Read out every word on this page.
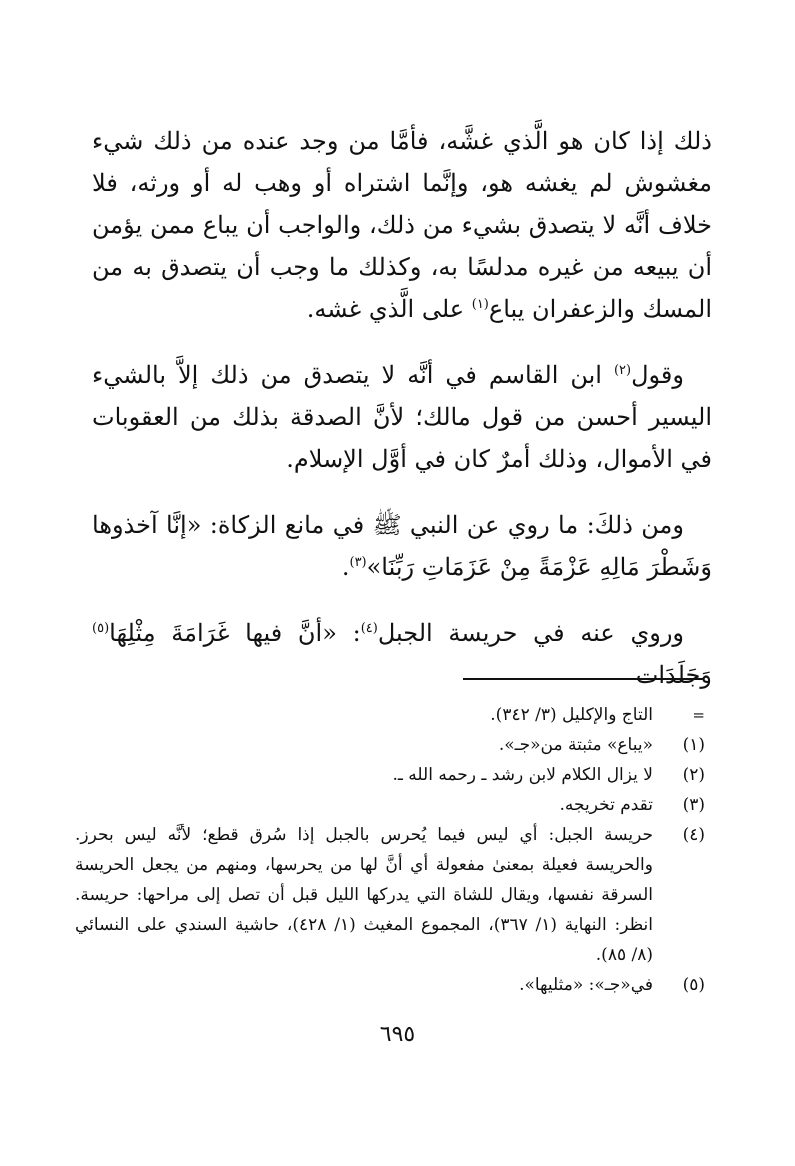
ذلك إذا كان هو الَّذي غشَّه، فأمَّا من وجد عنده من ذلك شيء مغشوش لم يغشه هو، وإنَّما اشتراه أو وهب له أو ورثه، فلا خلاف أنَّه لا يتصدق بشيء من ذلك، والواجب أن يباع ممن يؤمن أن يبيعه من غيره مدلسًا به، وكذلك ما وجب أن يتصدق به من المسك والزعفران يباع$^{(١)}$ على الَّذي غشه.

وقول$^{(٢)}$ ابن القاسم في أنَّه لا يتصدق من ذلك إلاَّ بالشيء اليسير أحسن من قول مالك؛ لأنَّ الصدقة بذلك من العقوبات في الأموال، وذلك أمرٌ كان في أوَّل الإسلام.

ومن ذلكَ: ما روي عن النبي ﷺ في مانع الزكاة: «إنَّا آخذوها وَشَطْرَ مَالِهِ عَزْمَةً مِنْ عَزَمَاتِ رَبِّنَا»$^{(٣)}$.

وروي عنه في حريسة الجبل$^{(٤)}$: «أنَّ فيها غَرَامَةَ مِثْلِهَا$^{(٥)}$ وَجَلَدَات

=
التاج والإكليل (٣/ ٣٤٢).
(١)
«يباع» مثبتة من«جـ».
(٢)
لا يزال الكلام لابن رشد ـ رحمه الله ـ.
(٣)
تقدم تخريجه.
(٤)
حريسة الجبل: أي ليس فيما يُحرس بالجبل إذا سُرق قطع؛ لأنَّه ليس بحرز. والحريسة فعيلة بمعنىٰ مفعولة أي أنَّ لها من يحرسها، ومنهم من يجعل الحريسة السرقة نفسها، ويقال للشاة التي يدركها الليل قبل أن تصل إلى مراحها: حريسة. انظر: النهاية (١/ ٣٦٧)، المجموع المغيث (١/ ٤٢٨)، حاشية السندي على النسائي (٨/ ٨٥).
(٥)
في«جـ»: «مثليها».
٦٩٥
